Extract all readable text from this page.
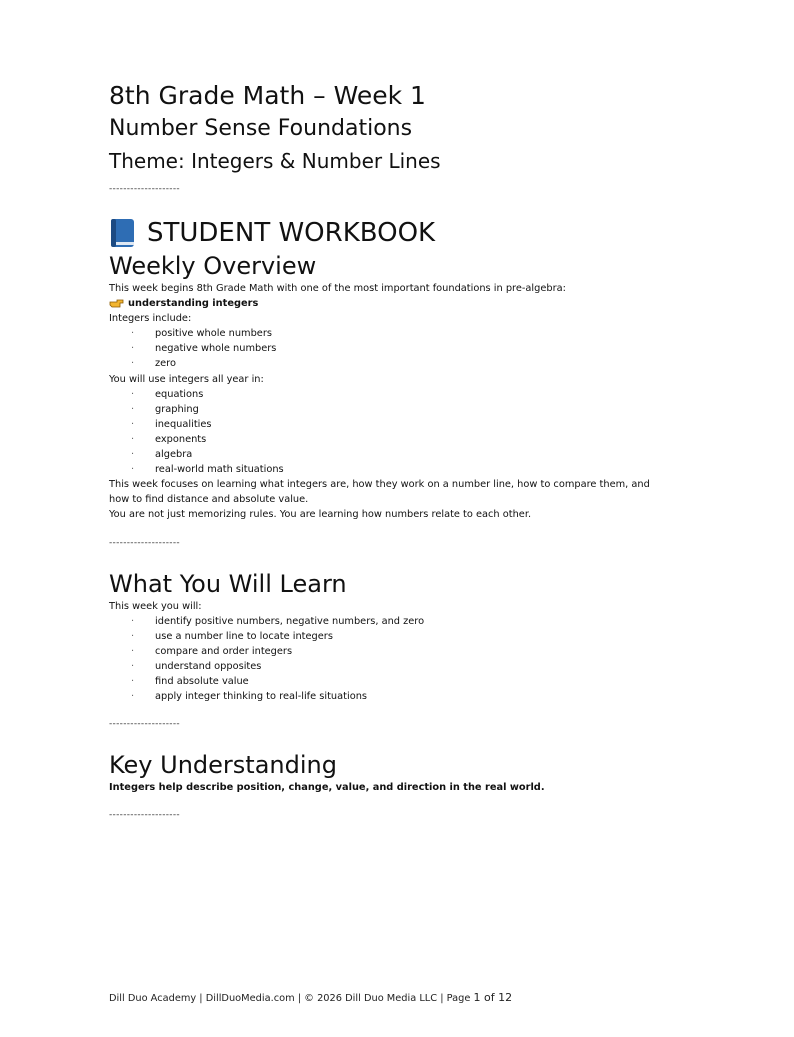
8th Grade Math – Week 1
Number Sense Foundations
Theme: Integers & Number Lines
--------------------
STUDENT WORKBOOK
Weekly Overview
This week begins 8th Grade Math with one of the most important foundations in pre-algebra:
understanding integers
Integers include:
· positive whole numbers
· negative whole numbers
· zero
You will use integers all year in:
· equations
· graphing
· inequalities
· exponents
· algebra
· real-world math situations
This week focuses on learning what integers are, how they work on a number line, how to compare them, and
how to find distance and absolute value.
You are not just memorizing rules. You are learning how numbers relate to each other.
--------------------
What You Will Learn
This week you will:
· identify positive numbers, negative numbers, and zero
· use a number line to locate integers
· compare and order integers
· understand opposites
· find absolute value
· apply integer thinking to real-life situations
--------------------
Key Understanding
Integers help describe position, change, value, and direction in the real world.
--------------------
Dill Duo Academy | DillDuoMedia.com | © 2026 Dill Duo Media LLC | Page 1 of 12
